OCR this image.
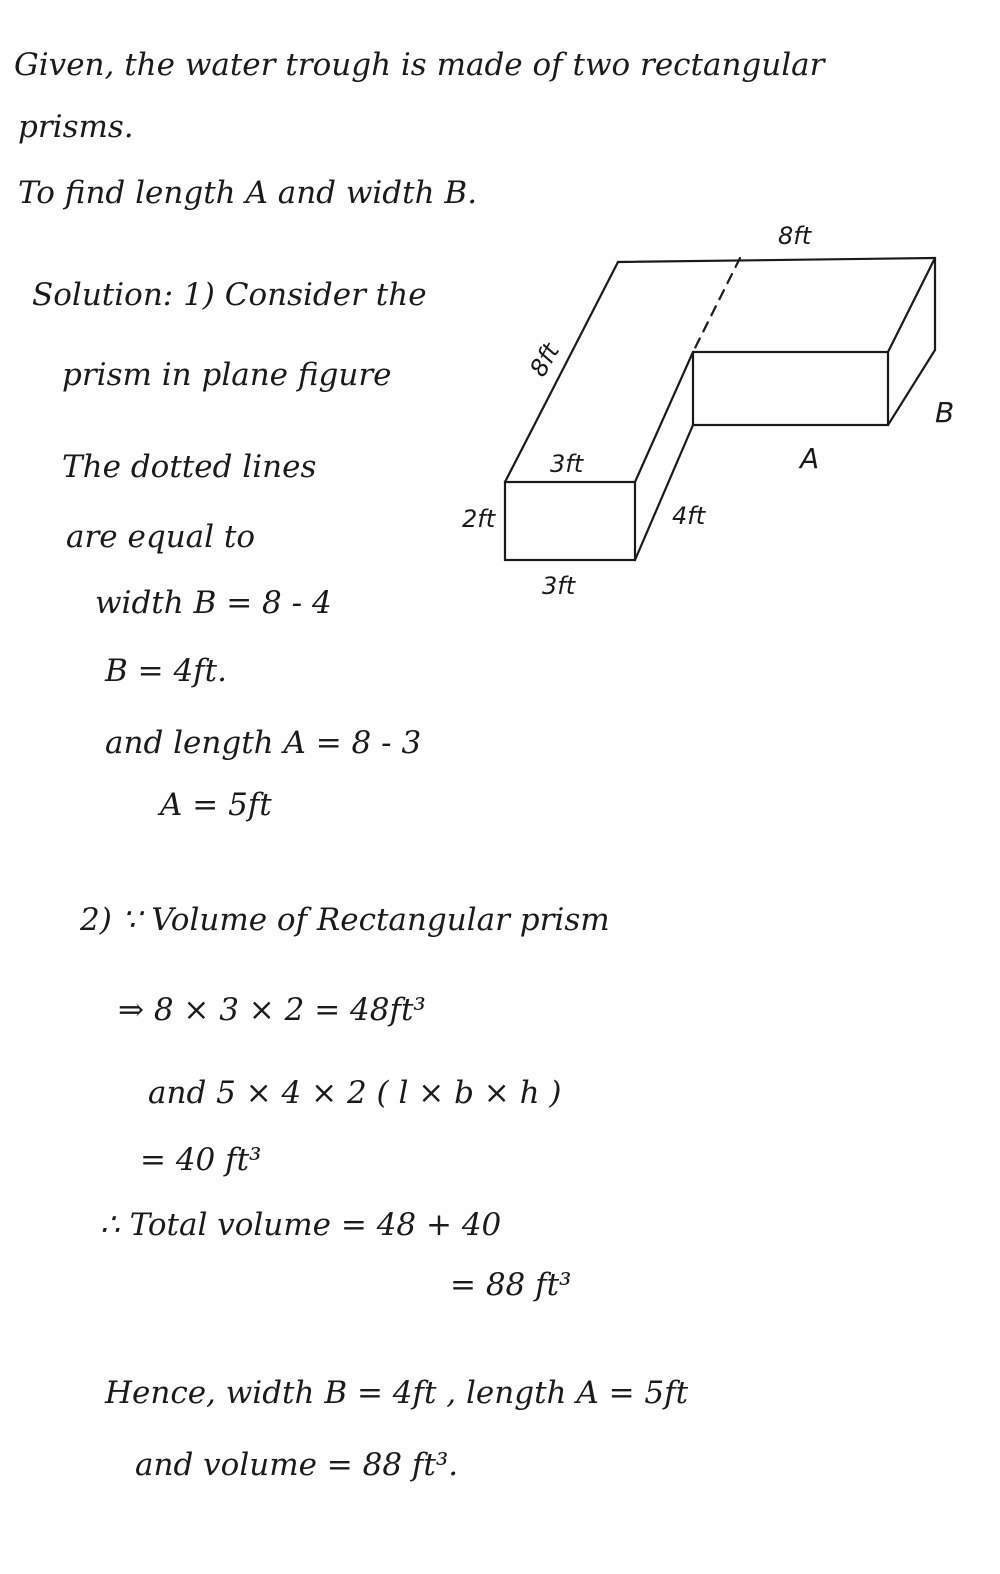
Given, the water trough is made of two rectangular
prisms.
To find length A and width B.
Solution: 1) Consider the
prism in plane figure
The dotted lines
are equal to
width B = 8 - 4
B = 4ft.
and length A = 8 - 3
A = 5ft
2) ∵ Volume of Rectangular prism
⇒ 8 × 3 × 2 = 48ft³
and 5 × 4 × 2 ( l × b × h )
= 40 ft³
∴ Total volume = 48 + 40
= 88 ft³
Hence, width B = 4ft , length A = 5ft
and volume = 88 ft³.
8ft
8ft
B
A
3ft
2ft	4ft
3ft
